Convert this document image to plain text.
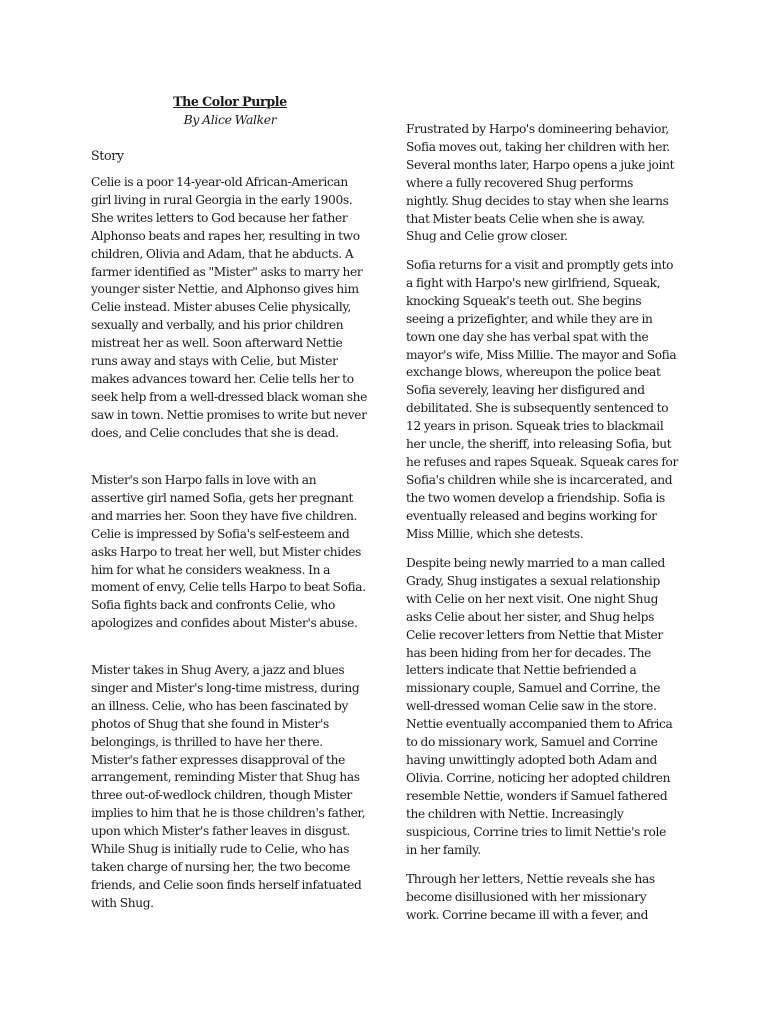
The Color Purple
By Alice Walker
Story

Celie is a poor 14-year-old African-American girl living in rural Georgia in the early 1900s. She writes letters to God because her father Alphonso beats and rapes her, resulting in two children, Olivia and Adam, that he abducts. A farmer identified as "Mister" asks to marry her younger sister Nettie, and Alphonso gives him Celie instead. Mister abuses Celie physically, sexually and verbally, and his prior children mistreat her as well. Soon afterward Nettie runs away and stays with Celie, but Mister makes advances toward her. Celie tells her to seek help from a well-dressed black woman she saw in town. Nettie promises to write but never does, and Celie concludes that she is dead.

Mister's son Harpo falls in love with an assertive girl named Sofia, gets her pregnant and marries her. Soon they have five children. Celie is impressed by Sofia's self-esteem and asks Harpo to treat her well, but Mister chides him for what he considers weakness. In a moment of envy, Celie tells Harpo to beat Sofia. Sofia fights back and confronts Celie, who apologizes and confides about Mister's abuse.

Mister takes in Shug Avery, a jazz and blues singer and Mister's long-time mistress, during an illness. Celie, who has been fascinated by photos of Shug that she found in Mister's belongings, is thrilled to have her there. Mister's father expresses disapproval of the arrangement, reminding Mister that Shug has three out-of-wedlock children, though Mister implies to him that he is those children's father, upon which Mister's father leaves in disgust. While Shug is initially rude to Celie, who has taken charge of nursing her, the two become friends, and Celie soon finds herself infatuated with Shug.

Frustrated by Harpo's domineering behavior, Sofia moves out, taking her children with her. Several months later, Harpo opens a juke joint where a fully recovered Shug performs nightly. Shug decides to stay when she learns that Mister beats Celie when she is away. Shug and Celie grow closer.

Sofia returns for a visit and promptly gets into a fight with Harpo's new girlfriend, Squeak, knocking Squeak's teeth out. She begins seeing a prizefighter, and while they are in town one day she has verbal spat with the mayor's wife, Miss Millie. The mayor and Sofia exchange blows, whereupon the police beat Sofia severely, leaving her disfigured and debilitated. She is subsequently sentenced to 12 years in prison. Squeak tries to blackmail her uncle, the sheriff, into releasing Sofia, but he refuses and rapes Squeak. Squeak cares for Sofia's children while she is incarcerated, and the two women develop a friendship. Sofia is eventually released and begins working for Miss Millie, which she detests.

Despite being newly married to a man called Grady, Shug instigates a sexual relationship with Celie on her next visit. One night Shug asks Celie about her sister, and Shug helps Celie recover letters from Nettie that Mister has been hiding from her for decades. The letters indicate that Nettie befriended a missionary couple, Samuel and Corrine, the well-dressed woman Celie saw in the store. Nettie eventually accompanied them to Africa to do missionary work, Samuel and Corrine having unwittingly adopted both Adam and Olivia. Corrine, noticing her adopted children resemble Nettie, wonders if Samuel fathered the children with Nettie. Increasingly suspicious, Corrine tries to limit Nettie's role in her family.

Through her letters, Nettie reveals she has become disillusioned with her missionary work. Corrine became ill with a fever, and
